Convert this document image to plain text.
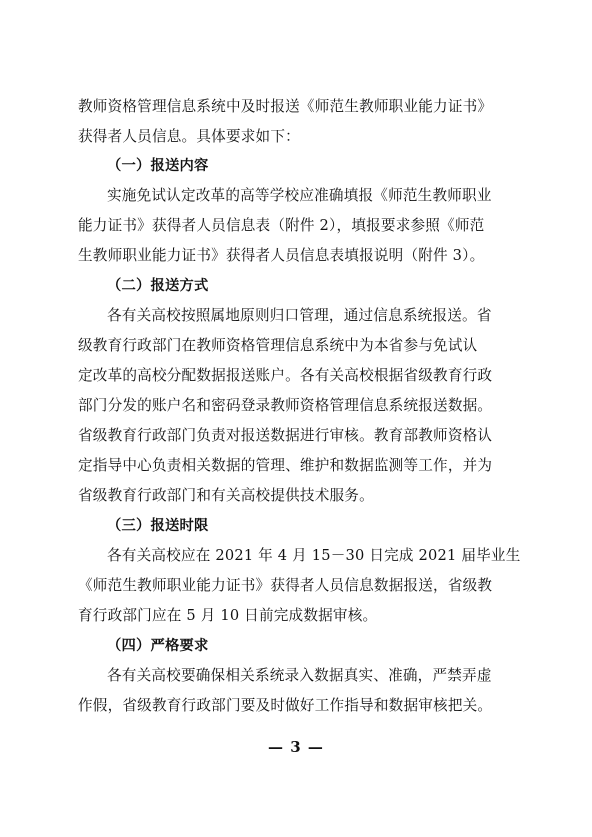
教师资格管理信息系统中及时报送《师范生教师职业能力证书》
获得者人员信息。具体要求如下：
（一）报送内容
实施免试认定改革的高等学校应准确填报《师范生教师职业
能力证书》获得者人员信息表（附件 2），填报要求参照《师范
生教师职业能力证书》获得者人员信息表填报说明（附件 3）。
（二）报送方式
各有关高校按照属地原则归口管理，通过信息系统报送。省
级教育行政部门在教师资格管理信息系统中为本省参与免试认
定改革的高校分配数据报送账户。各有关高校根据省级教育行政
部门分发的账户名和密码登录教师资格管理信息系统报送数据。
省级教育行政部门负责对报送数据进行审核。教育部教师资格认
定指导中心负责相关数据的管理、维护和数据监测等工作，并为
省级教育行政部门和有关高校提供技术服务。
（三）报送时限
各有关高校应在 2021 年 4 月 15－30 日完成 2021 届毕业生
《师范生教师职业能力证书》获得者人员信息数据报送，省级教
育行政部门应在 5 月 10 日前完成数据审核。
（四）严格要求
各有关高校要确保相关系统录入数据真实、准确，严禁弄虚
作假，省级教育行政部门要及时做好工作指导和数据审核把关。
— 3 —
